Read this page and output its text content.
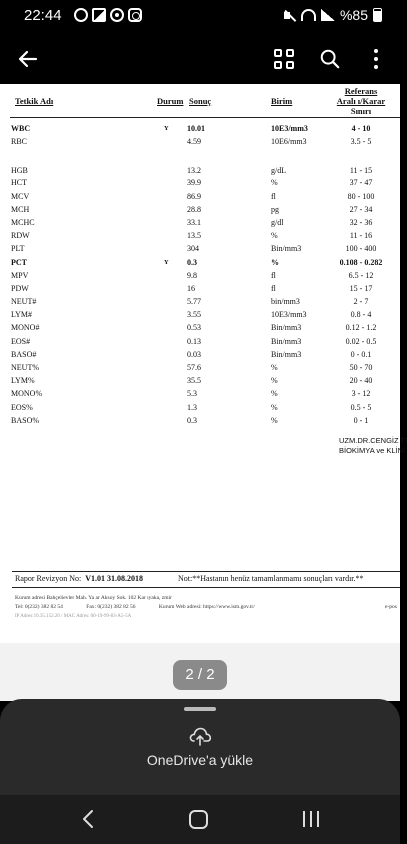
22:44	%85
Tetkik Adı	Durum Sonuç	Birim
Referans
Aralı ı/Karar
Sınırı
WBC	Y 10.01	10E3/mm3	4 - 10
RBC	4.59	10E6/mm3	3.5 - 5
HGB	13.2	g/dL	11 - 15
HCT	39.9	%	37 - 47
MCV	86.9	fl	80 - 100
MCH	28.8	pg	27 - 34
MCHC	33.1	g/dl	32 - 36
RDW	13.5	%	11 - 16
PLT	304	Bin/mm3	100 - 400
PCT	Y 0.3	%	0.108 - 0.282
MPV	9.8	fl	6.5 - 12
PDW	16	fl	15 - 17
NEUT#	5.77	bin/mm3	2 - 7
LYM#	3.55	10E3/mm3	0.8 - 4
MONO#	0.53	Bin/mm3	0.12 - 1.2
EOS#	0.13	Bin/mm3	0.02 - 0.5
BASO#	0.03	Bin/mm3	0 - 0.1
NEUT%	57.6	%	50 - 70
LYM%	35.5	%	20 - 40
MONO%	5.3	%	3 - 12
EOS%	1.3	%	0.5 - 5
BASO%	0.3	%	0 - 1
UZM.DR.CENGİZ TI
BİOKİMYA ve KLİNİ
Rapor Revizyon No: V1.01 31.08.2018	Not:**Hastanın henüz tamamlanmamı sonuçları vardır.**
Kurum adresi Bahçelievler Mah. Ya ar Aksoy Sok. 102 Kar ıyaka, zmir
Tel: 0(232) 382 82 54	Fax: 0(232) 382 82 56	Kurum Web adresi: https://www.ism.gov.tr/	e-pos
IP Adres:10.35.152.20 / MAC Adres: 00-19-99-83-A5-5A
2 / 2
OneDrive'a yükle
